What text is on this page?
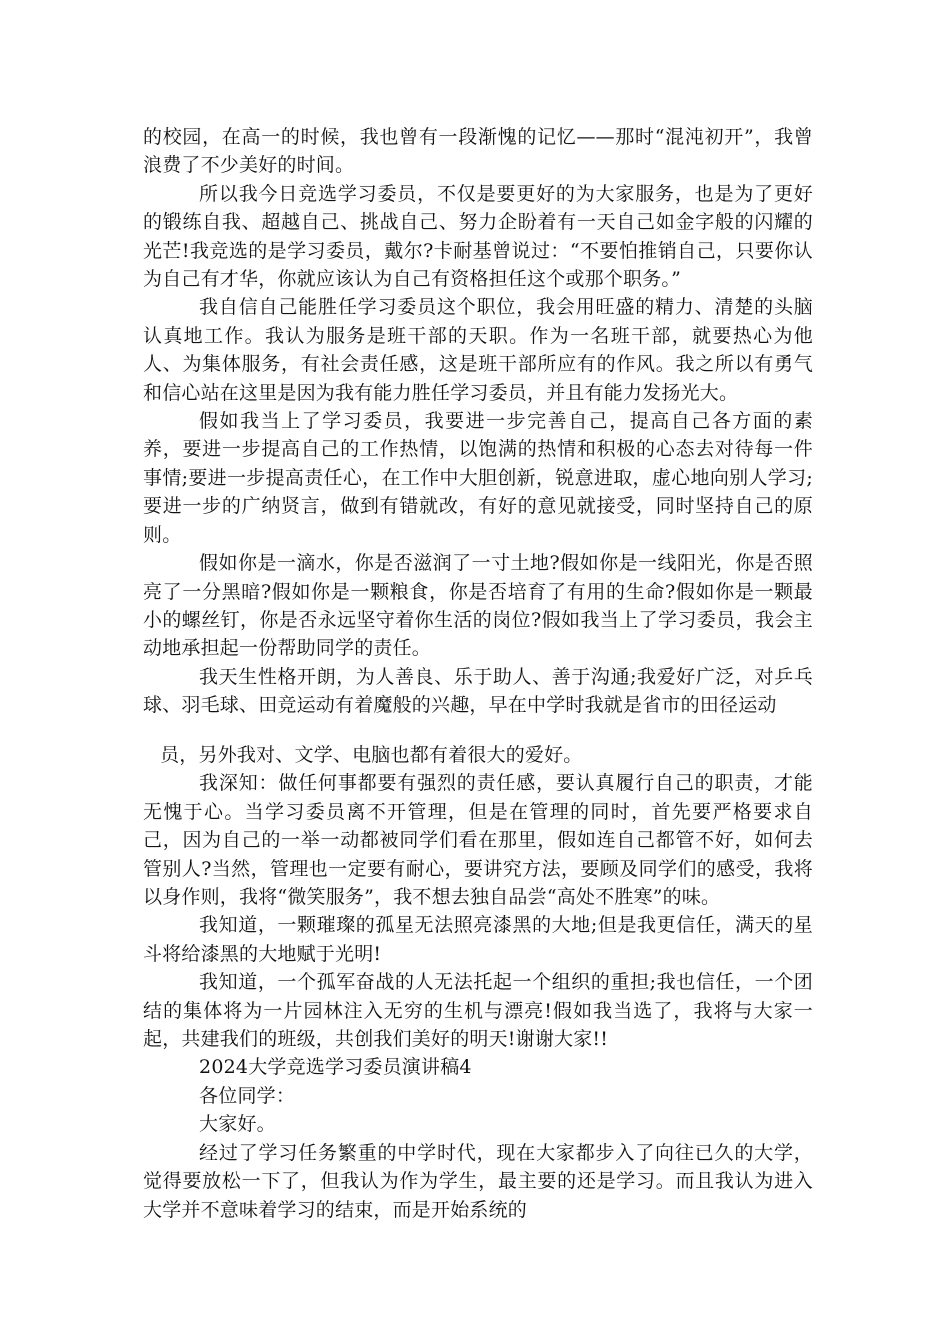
的校园，在高一的时候，我也曾有一段渐愧的记忆——那时“混沌初开”，我曾浪费了不少美好的时间。

所以我今日竞选学习委员，不仅是要更好的为大家服务，也是为了更好的锻练自我、超越自己、挑战自己、努力企盼着有一天自己如金字般的闪耀的光芒!我竞选的是学习委员，戴尔?卡耐基曾说过：“不要怕推销自己，只要你认为自己有才华，你就应该认为自己有资格担任这个或那个职务。”

我自信自己能胜任学习委员这个职位，我会用旺盛的精力、清楚的头脑认真地工作。我认为服务是班干部的天职。作为一名班干部，就要热心为他人、为集体服务，有社会责任感，这是班干部所应有的作风。我之所以有勇气和信心站在这里是因为我有能力胜任学习委员，并且有能力发扬光大。

假如我当上了学习委员，我要进一步完善自己，提高自己各方面的素养，要进一步提高自己的工作热情，以饱满的热情和积极的心态去对待每一件事情;要进一步提高责任心，在工作中大胆创新，锐意进取，虚心地向别人学习;要进一步的广纳贤言，做到有错就改，有好的意见就接受，同时坚持自己的原则。

假如你是一滴水，你是否滋润了一寸土地?假如你是一线阳光，你是否照亮了一分黑暗?假如你是一颗粮食，你是否培育了有用的生命?假如你是一颗最小的螺丝钉，你是否永远坚守着你生活的岗位?假如我当上了学习委员，我会主动地承担起一份帮助同学的责任。

我天生性格开朗，为人善良、乐于助人、善于沟通;我爱好广泛，对乒乓球、羽毛球、田竞运动有着魔般的兴趣，早在中学时我就是省市的田径运动

员，另外我对、文学、电脑也都有着很大的爱好。

我深知：做任何事都要有强烈的责任感，要认真履行自己的职责，才能无愧于心。当学习委员离不开管理，但是在管理的同时，首先要严格要求自己，因为自己的一举一动都被同学们看在那里，假如连自己都管不好，如何去管别人?当然，管理也一定要有耐心，要讲究方法，要顾及同学们的感受，我将以身作则，我将“微笑服务”，我不想去独自品尝“高处不胜寒”的味。

我知道，一颗璀璨的孤星无法照亮漆黑的大地;但是我更信任，满天的星斗将给漆黑的大地赋于光明!

我知道，一个孤军奋战的人无法托起一个组织的重担;我也信任，一个团结的集体将为一片园林注入无穷的生机与漂亮!假如我当选了，我将与大家一起，共建我们的班级，共创我们美好的明天!谢谢大家!!

2024大学竞选学习委员演讲稿4

各位同学：

大家好。

经过了学习任务繁重的中学时代，现在大家都步入了向往已久的大学，觉得要放松一下了，但我认为作为学生，最主要的还是学习。而且我认为进入大学并不意味着学习的结束，而是开始系统的
